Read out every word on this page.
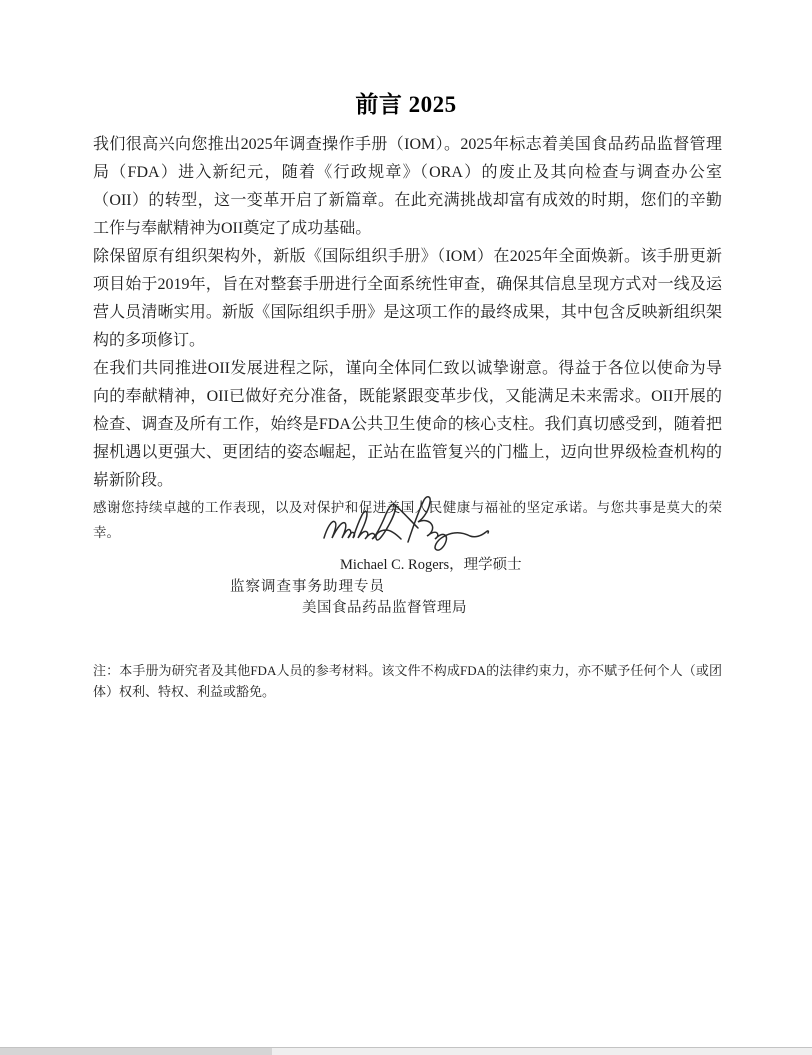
前言 2025

我们很高兴向您推出2025年调查操作手册（IOM）。2025年标志着美国食品药品监督管理局（FDA）进入新纪元，随着《行政规章》（ORA）的废止及其向检查与调查办公室（OII）的转型，这一变革开启了新篇章。在此充满挑战却富有成效的时期，您们的辛勤工作与奉献精神为OII奠定了成功基础。

除保留原有组织架构外，新版《国际组织手册》（IOM）在2025年全面焕新。该手册更新项目始于2019年，旨在对整套手册进行全面系统性审查，确保其信息呈现方式对一线及运营人员清晰实用。新版《国际组织手册》是这项工作的最终成果，其中包含反映新组织架构的多项修订。

在我们共同推进OII发展进程之际，谨向全体同仁致以诚挚谢意。得益于各位以使命为导向的奉献精神，OII已做好充分准备，既能紧跟变革步伐，又能满足未来需求。OII开展的检查、调查及所有工作，始终是FDA公共卫生使命的核心支柱。我们真切感受到，随着把握机遇以更强大、更团结的姿态崛起，正站在监管复兴的门槛上，迈向世界级检查机构的崭新阶段。

感谢您持续卓越的工作表现，以及对保护和促进美国人民健康与福祉的坚定承诺。与您共事是莫大的荣幸。

Michael C. Rogers，理学硕士
监察调查事务助理专员
美国食品药品监督管理局

注：本手册为研究者及其他FDA人员的参考材料。该文件不构成FDA的法律约束力，亦不赋予任何个人（或团体）权利、特权、利益或豁免。
